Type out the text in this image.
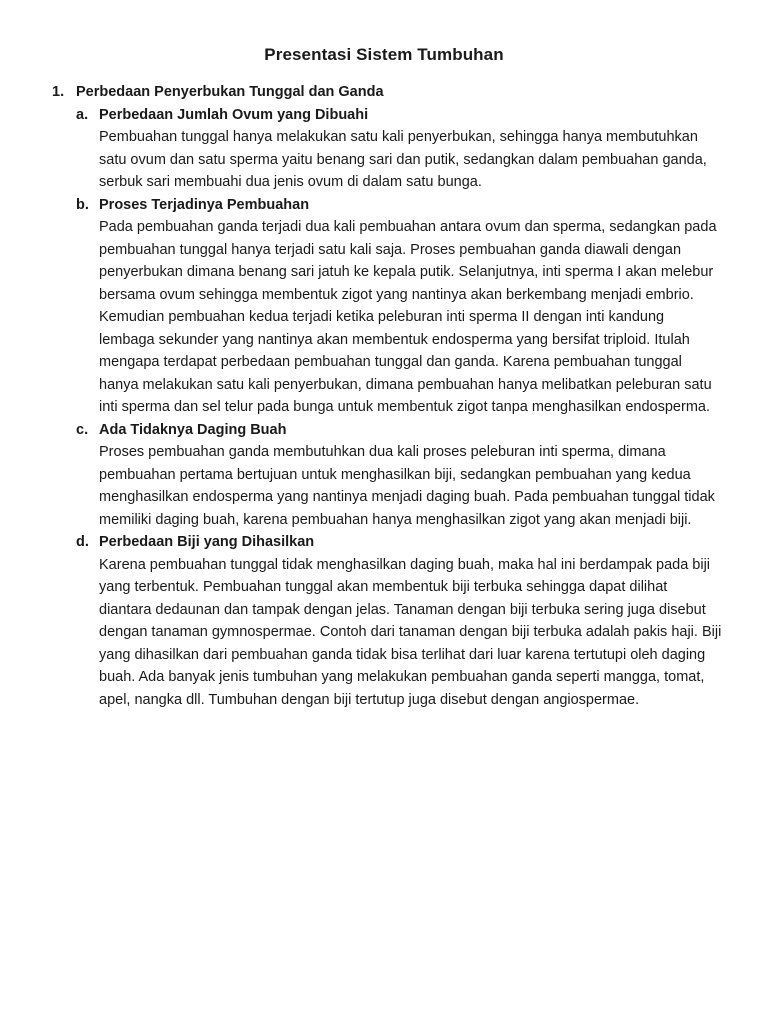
Presentasi Sistem Tumbuhan
1. Perbedaan Penyerbukan Tunggal dan Ganda
a. Perbedaan Jumlah Ovum yang Dibuahi

Pembuahan tunggal hanya melakukan satu kali penyerbukan, sehingga hanya membutuhkan satu ovum dan satu sperma yaitu benang sari dan putik, sedangkan dalam pembuahan ganda, serbuk sari membuahi dua jenis ovum di dalam satu bunga.

b. Proses Terjadinya Pembuahan

Pada pembuahan ganda terjadi dua kali pembuahan antara ovum dan sperma, sedangkan pada pembuahan tunggal hanya terjadi satu kali saja. Proses pembuahan ganda diawali dengan penyerbukan dimana benang sari jatuh ke kepala putik. Selanjutnya, inti sperma I akan melebur bersama ovum sehingga membentuk zigot yang nantinya akan berkembang menjadi embrio. Kemudian pembuahan kedua terjadi ketika peleburan inti sperma II dengan inti kandung lembaga sekunder yang nantinya akan membentuk endosperma yang bersifat triploid. Itulah mengapa terdapat perbedaan pembuahan tunggal dan ganda. Karena pembuahan tunggal hanya melakukan satu kali penyerbukan, dimana pembuahan hanya melibatkan peleburan satu inti sperma dan sel telur pada bunga untuk membentuk zigot tanpa menghasilkan endosperma.

c. Ada Tidaknya Daging Buah

Proses pembuahan ganda membutuhkan dua kali proses peleburan inti sperma, dimana pembuahan pertama bertujuan untuk menghasilkan biji, sedangkan pembuahan yang kedua menghasilkan endosperma yang nantinya menjadi daging buah. Pada pembuahan tunggal tidak memiliki daging buah, karena pembuahan hanya menghasilkan zigot yang akan menjadi biji.

d. Perbedaan Biji yang Dihasilkan

Karena pembuahan tunggal tidak menghasilkan daging buah, maka hal ini berdampak pada biji yang terbentuk. Pembuahan tunggal akan membentuk biji terbuka sehingga dapat dilihat diantara dedaunan dan tampak dengan jelas. Tanaman dengan biji terbuka sering juga disebut dengan tanaman gymnospermae. Contoh dari tanaman dengan biji terbuka adalah pakis haji. Biji yang dihasilkan dari pembuahan ganda tidak bisa terlihat dari luar karena tertutupi oleh daging buah. Ada banyak jenis tumbuhan yang melakukan pembuahan ganda seperti mangga, tomat, apel, nangka dll. Tumbuhan dengan biji tertutup juga disebut dengan angiospermae.
